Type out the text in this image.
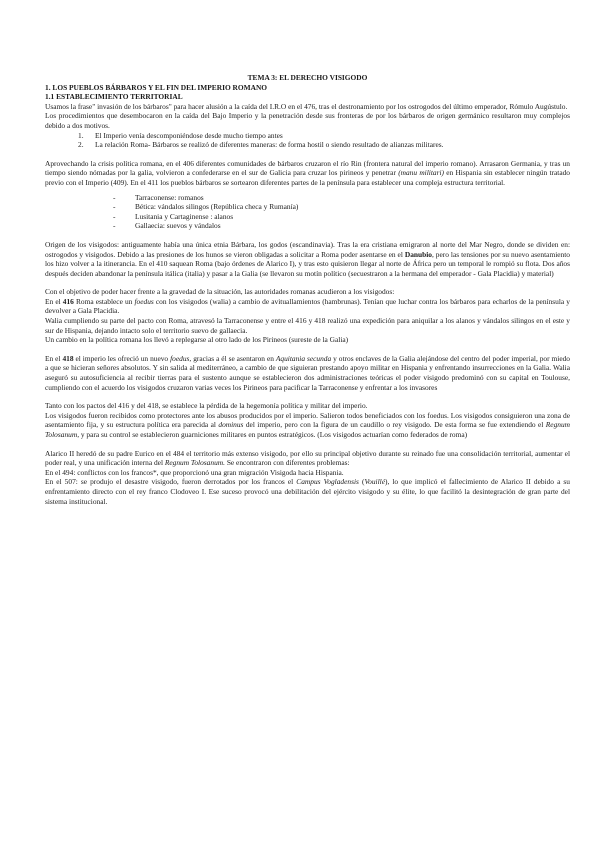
TEMA 3: EL DERECHO VISIGODO

1. LOS PUEBLOS BÁRBAROS Y EL FIN DEL IMPERIO ROMANO

1.1 ESTABLECIMIENTO TERRITORIAL

Usamos la frase" invasión de los bárbaros" para hacer alusión a la caída del I.R.O en el 476, tras el destronamiento por los ostrogodos del último emperador, Rómulo Augústulo.

Los procedimientos que desembocaron en la caída del Bajo Imperio y la penetración desde sus fronteras de por los bárbaros de origen germánico resultaron muy complejos debido a dos motivos.

1. El Imperio venía descomponiéndose desde mucho tiempo antes
2. La relación Roma- Bárbaros se realizó de diferentes maneras: de forma hostil o siendo resultado de alianzas militares.

Aprovechando la crisis política romana, en el 406 diferentes comunidades de bárbaros cruzaron el río Rin (frontera natural del imperio romano). Arrasaron Germania, y tras un tiempo siendo nómadas por la galia, volvieron a confederarse en el sur de Galicia para cruzar los pirineos y penetrar (manu militari) en Hispania sin establecer ningún tratado previo con el Imperio (409). En el 411 los pueblos bárbaros se sortearon diferentes partes de la península para establecer una compleja estructura territorial.

- Tarraconense: romanos
- Bética: vándalos silingos (República checa y Rumanía)
- Lusitania y Cartaginense : alanos
- Gallaecia: suevos y vándalos

Origen de los visigodos: antiguamente había una única etnia Bárbara, los godos (escandinavia). Tras la era cristiana emigraron al norte del Mar Negro, donde se dividen en: ostrogodos y visigodos. Debido a las presiones de los hunos se vieron obligadas a solicitar a Roma poder asentarse en el Danubio, pero las tensiones por su nuevo asentamiento los hizo volver a la itinerancia. En el 410 saquean Roma (bajo órdenes de Alarico I), y tras esto quisieron llegar al norte de África pero un temporal le rompió su flota. Dos años después deciden abandonar la península itálica (italia) y pasar a la Galia (se llevaron su motín político (secuestraron a la hermana del emperador - Gala Placidia) y material)

Con el objetivo de poder hacer frente a la gravedad de la situación, las autoridades romanas acudieron a los visigodos:
En el 416 Roma establece un foedus con los visigodos (walia) a cambio de avituallamientos (hambrunas). Tenían que luchar contra los bárbaros para echarlos de la península y devolver a Gala Placidia.
Walia cumpliendo su parte del pacto con Roma, atravesó la Tarraconense y entre el 416 y 418 realizó una expedición para aniquilar a los alanos y vándalos silingos en el este y sur de Hispania, dejando intacto solo el territorio suevo de gallaecia.
Un cambio en la política romana los llevó a replegarse al otro lado de los Pirineos (sureste de la Galia)

En el 418 el imperio les ofreció un nuevo foedus, gracias a él se asentaron en Aquitania secunda y otros enclaves de la Galia alejándose del centro del poder imperial, por miedo a que se hicieran señores absolutos. Y sin salida al mediterráneo, a cambio de que siguieran prestando apoyo militar en Hispania y enfrentando insurrecciones en la Galia. Walia aseguró su autosuficiencia al recibir tierras para el sustento aunque se establecieron dos administraciones teóricas el poder visigodo predominó con su capital en Toulouse, cumpliendo con el acuerdo los visigodos cruzaron varias veces los Pirineos para pacificar la Tarraconense y enfrentar a los invasores

Tanto con los pactos del 416 y del 418, se establece la pérdida de la hegemonía política y militar del imperio.
Los visigodos fueron recibidos como protectores ante los abusos producidos por el imperio. Salieron todos beneficiados con los foedus. Los visigodos consiguieron una zona de asentamiento fija, y su estructura política era parecida al dominus del imperio, pero con la figura de un caudillo o rey visigodo. De esta forma se fue extendiendo el Regnum Tolosanum, y para su control se establecieron guarniciones militares en puntos estratégicos. (Los visigodos actuarían como federados de roma)

Alarico II heredó de su padre Eurico en el 484 el territorio más extenso visigodo, por ello su principal objetivo durante su reinado fue una consolidación territorial, aumentar el poder real, y una unificación interna del Regnum Tolosanum. Se encontraron con diferentes problemas:
En el 494: conflictos con los francos*, que proporcionó una gran migración Visigoda hacia Hispania.
En el 507: se produjo el desastre visigodo, fueron derrotados por los francos el Campus Vogladensis (Vouillé), lo que implicó el fallecimiento de Alarico II debido a su enfrentamiento directo con el rey franco Clodoveo I. Ese suceso provocó una debilitación del ejército visigodo y su élite, lo que facilitó la desintegración de gran parte del sistema institucional.
